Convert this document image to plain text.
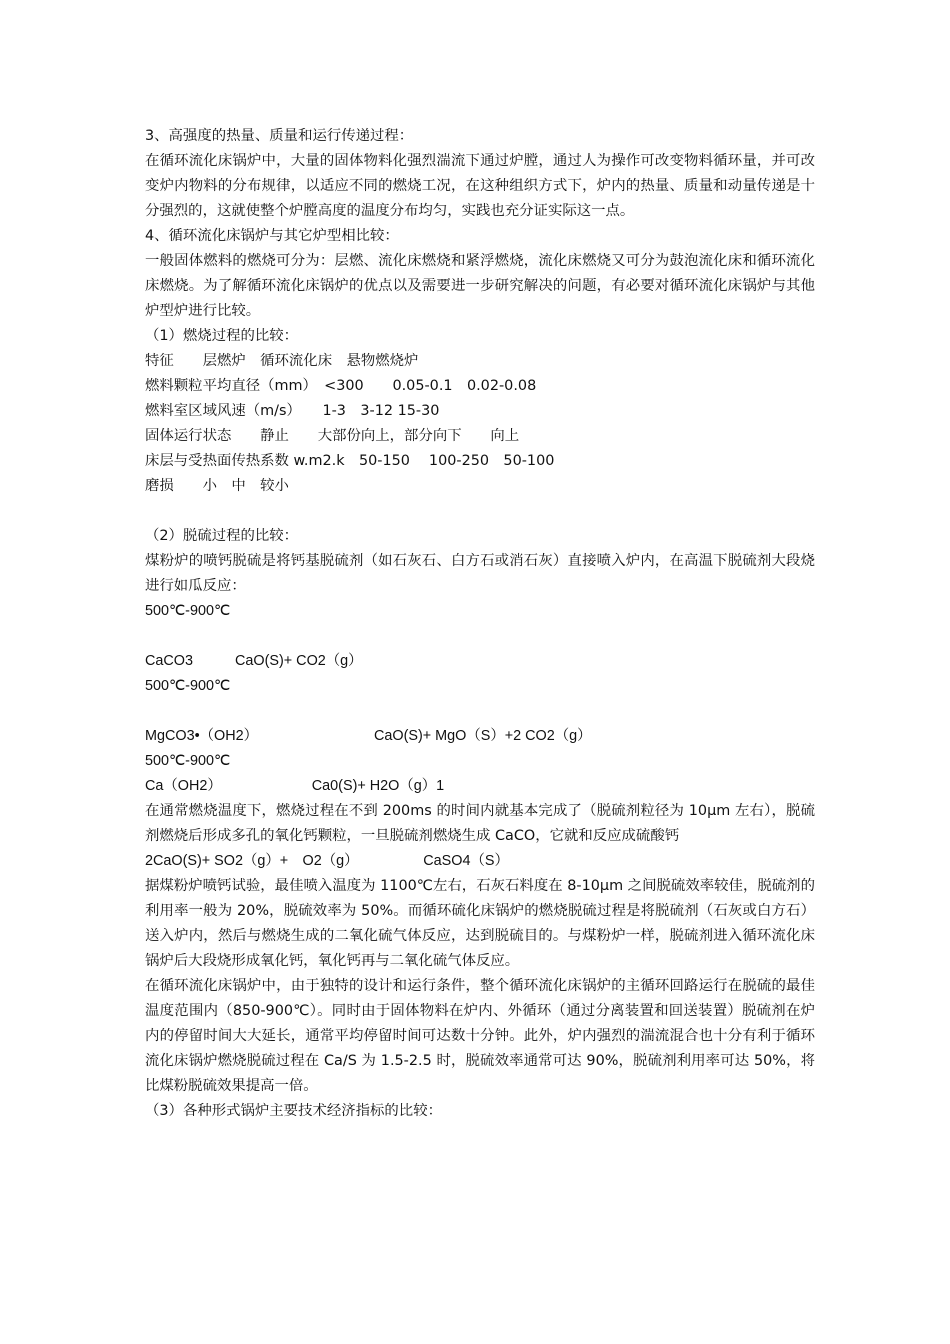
3、高强度的热量、质量和运行传递过程：

在循环流化床锅炉中，大量的固体物料化强烈湍流下通过炉膛，通过人为操作可改变物料循环量，并可改变炉内物料的分布规律，以适应不同的燃烧工况，在这种组织方式下，炉内的热量、质量和动量传递是十分强烈的，这就使整个炉膛高度的温度分布均匀，实践也充分证实际这一点。

4、循环流化床锅炉与其它炉型相比较：

一般固体燃料的燃烧可分为：层燃、流化床燃烧和紧浮燃烧，流化床燃烧又可分为鼓泡流化床和循环流化床燃烧。为了解循环流化床锅炉的优点以及需要进一步研究解决的问题，有必要对循环流化床锅炉与其他炉型炉进行比较。

（1）燃烧过程的比较：

特征　　层燃炉　循环流化床　悬物燃烧炉

燃料颗粒平均直径（mm）　<300　　0.05-0.1　0.02-0.08

燃料室区域风速（m/s）　　1-3　3-12 15-30

固体运行状态　　静止　　大部份向上，部分向下　　向上

床层与受热面传热系数 w.m2.k　50-150　 100-250　50-100

磨损　　小　中　较小

（2）脱硫过程的比较：

煤粉炉的喷钙脱硫是将钙基脱硫剂（如石灰石、白方石或消石灰）直接喷入炉内，在高温下脱硫剂大段烧进行如瓜反应：

500℃-900℃

CaCO3	CaO(S)+ CO2（g）

500℃-900℃

MgCO3•（OH2）	CaO(S)+ MgO（S）+2 CO2（g）

500℃-900℃

Ca（OH2）	Ca0(S)+ H2O（g）1

在通常燃烧温度下，燃烧过程在不到 200ms 的时间内就基本完成了（脱硫剂粒径为 10μm 左右），脱硫剂燃烧后形成多孔的氧化钙颗粒，一旦脱硫剂燃烧生成 CaCO，它就和反应成硫酸钙

2CaO(S)+ SO2（g）+　O2（g）　　　　　CaSO4（S）

据煤粉炉喷钙试验，最佳喷入温度为 1100℃左右，石灰石料度在 8-10μm 之间脱硫效率较佳，脱硫剂的利用率一般为 20%，脱硫效率为 50%。而循环硫化床锅炉的燃烧脱硫过程是将脱硫剂（石灰或白方石）送入炉内，然后与燃烧生成的二氧化硫气体反应，达到脱硫目的。与煤粉炉一样，脱硫剂进入循环流化床锅炉后大段烧形成氧化钙，氧化钙再与二氧化硫气体反应。

在循环流化床锅炉中，由于独特的设计和运行条件，整个循环流化床锅炉的主循环回路运行在脱硫的最佳温度范围内（850-900℃）。同时由于固体物料在炉内、外循环（通过分离装置和回送装置）脱硫剂在炉内的停留时间大大延长，通常平均停留时间可达数十分钟。此外，炉内强烈的湍流混合也十分有利于循环流化床锅炉燃烧脱硫过程在 Ca/S 为 1.5-2.5 时，脱硫效率通常可达 90%，脱硫剂利用率可达 50%，将比煤粉脱硫效果提高一倍。

（3）各种形式锅炉主要技术经济指标的比较：
